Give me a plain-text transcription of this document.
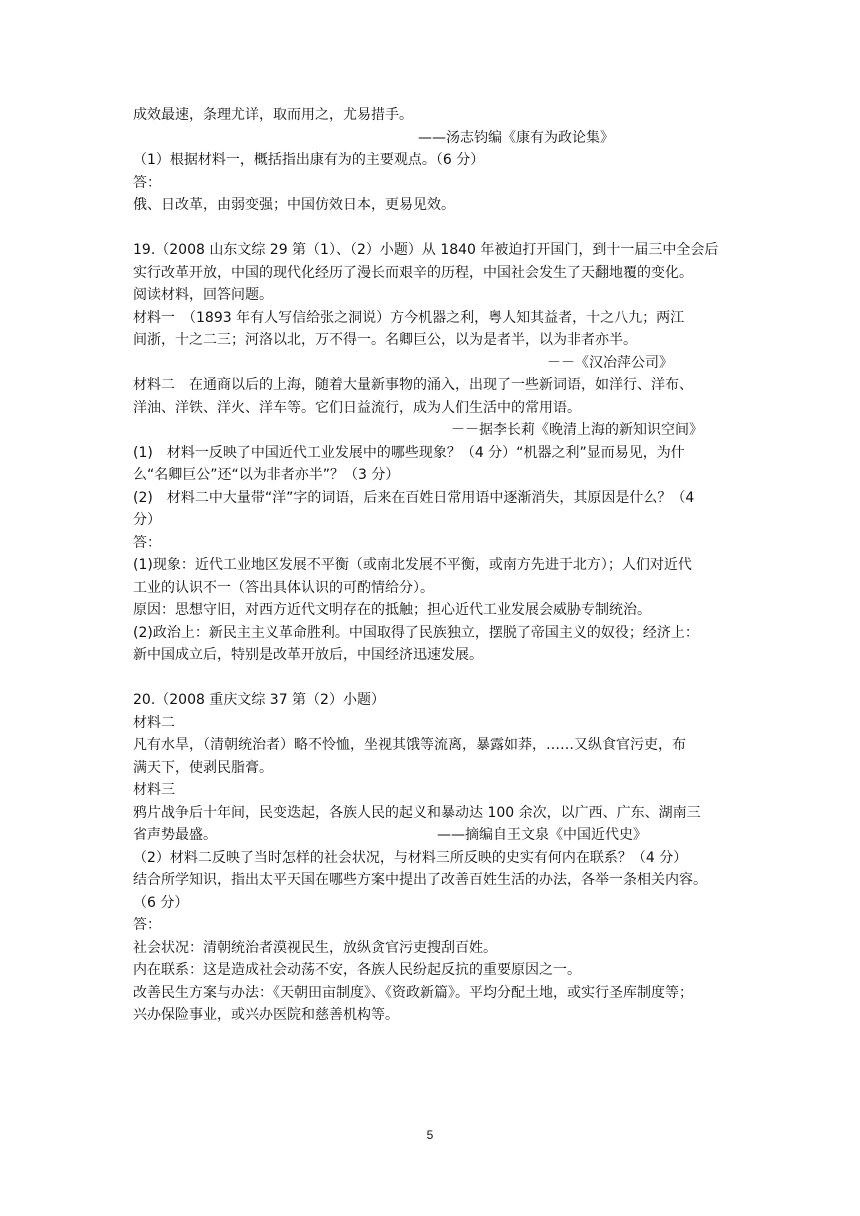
成效最速，条理尤详，取而用之，尤易措手。
——汤志钧编《康有为政论集》
（1）根据材料一，概括指出康有为的主要观点。（6 分）
答：
俄、日改革，由弱变强；中国仿效日本，更易见效。
19.（2008 山东文综 29 第（1）、（2）小题）从 1840 年被迫打开国门，到十一届三中全会后
实行改革开放，中国的现代化经历了漫长而艰辛的历程，中国社会发生了天翻地覆的变化。
阅读材料，回答问题。
材料一　（1893 年有人写信给张之洞说）方今机器之利，粤人知其益者，十之八九；两江
间浙，十之二三；河洛以北，万不得一。名卿巨公，以为是者半，以为非者亦半。
－－《汉冶萍公司》
材料二　在通商以后的上海，随着大量新事物的涌入，出现了一些新词语，如洋行、洋布、
洋油、洋铁、洋火、洋车等。它们日益流行，成为人们生活中的常用语。
－－据李长莉《晚清上海的新知识空间》
(1)　材料一反映了中国近代工业发展中的哪些现象？（4 分）“机器之利”显而易见，为什
么“名卿巨公”还“以为非者亦半”？（3 分）
(2)　材料二中大量带“洋”字的词语，后来在百姓日常用语中逐渐消失，其原因是什么？（4
分）
答：
(1)现象：近代工业地区发展不平衡（或南北发展不平衡，或南方先进于北方）；人们对近代
工业的认识不一（答出具体认识的可酌情给分）。
原因：思想守旧，对西方近代文明存在的抵触；担心近代工业发展会威胁专制统治。
(2)政治上：新民主主义革命胜利。中国取得了民族独立，摆脱了帝国主义的奴役；经济上：
新中国成立后，特别是改革开放后，中国经济迅速发展。
20.（2008 重庆文综 37 第（2）小题）
材料二
凡有水旱，（清朝统治者）略不怜恤，坐视其饿等流离，暴露如莽，……又纵食官污吏，布
满天下，使剥民脂膏。
材料三
鸦片战争后十年间，民变迭起，各族人民的起义和暴动达 100 余次，以广西、广东、湖南三
省声势最盛。	——摘编自王文泉《中国近代史》
（2）材料二反映了当时怎样的社会状况，与材料三所反映的史实有何内在联系？（4 分）
结合所学知识，指出太平天国在哪些方案中提出了改善百姓生活的办法，各举一条相关内容。
（6 分）
答：
社会状况：清朝统治者漠视民生，放纵贪官污吏搜刮百姓。
内在联系：这是造成社会动荡不安，各族人民纷起反抗的重要原因之一。
改善民生方案与办法：《天朝田亩制度》、《资政新篇》。平均分配土地，或实行圣库制度等；
兴办保险事业，或兴办医院和慈善机构等。
5
